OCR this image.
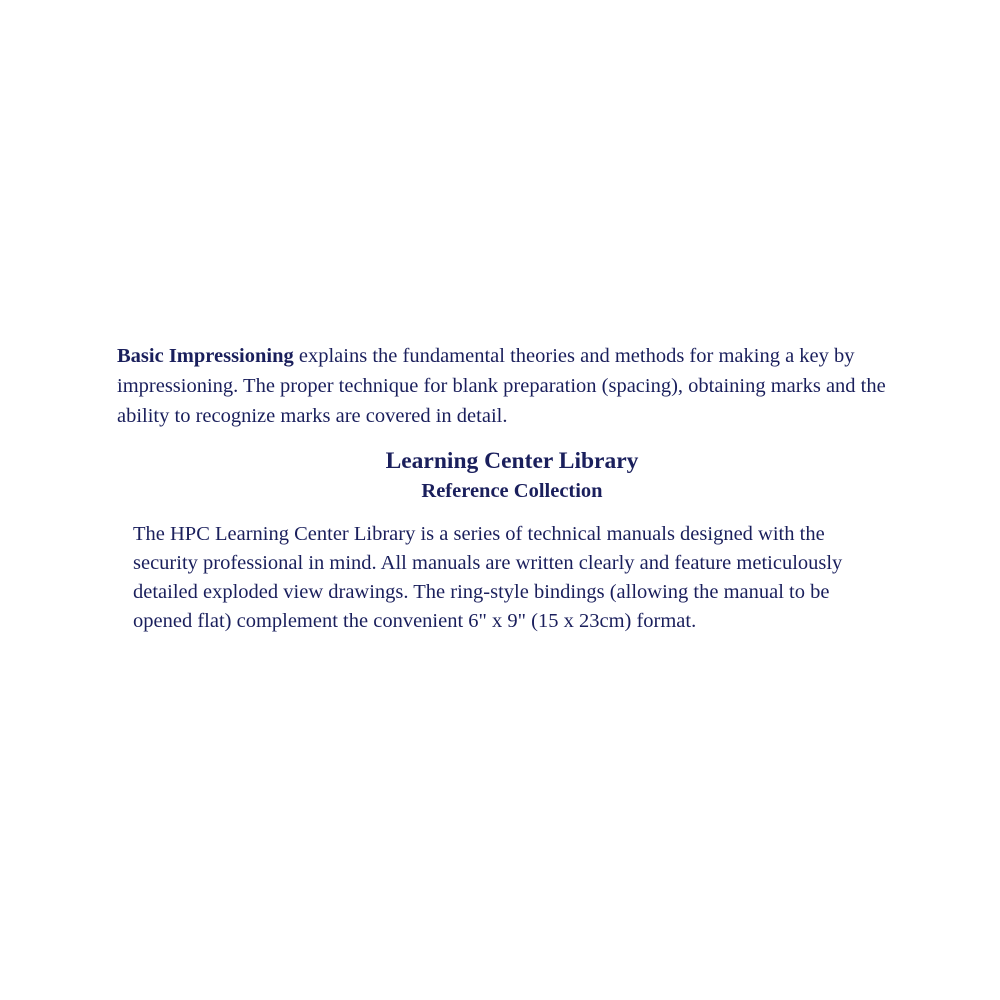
Basic Impressioning explains the fundamental theories and methods for making a key by impressioning. The proper technique for blank preparation (spacing), obtaining marks and the ability to recognize marks are covered in detail.

Learning Center Library
Reference Collection

The HPC Learning Center Library is a series of technical manuals designed with the security professional in mind. All manuals are written clearly and feature meticulously detailed exploded view drawings. The ring-style bindings (allowing the manual to be opened flat) complement the convenient 6" x 9" (15 x 23cm) format.
